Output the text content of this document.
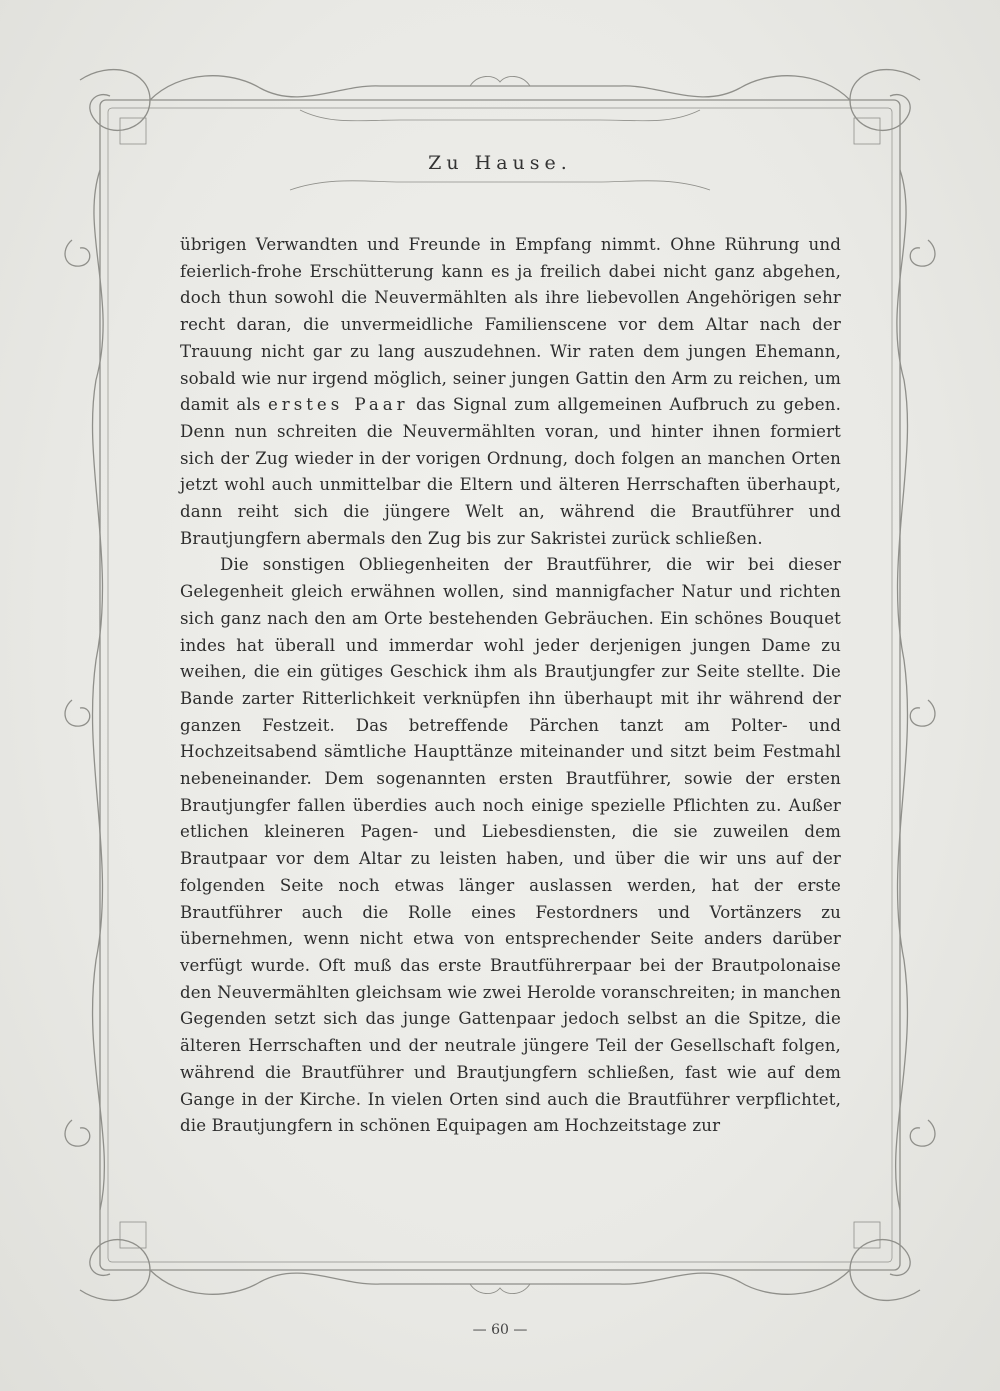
Zu Hause.

übrigen Verwandten und Freunde in Empfang nimmt. Ohne Rührung und feierlich-frohe Erschütterung kann es ja freilich dabei nicht ganz abgehen, doch thun sowohl die Neuvermählten als ihre liebevollen Angehörigen sehr recht daran, die unvermeidliche Familienscene vor dem Altar nach der Trauung nicht gar zu lang auszudehnen. Wir raten dem jungen Ehemann, sobald wie nur irgend möglich, seiner jungen Gattin den Arm zu reichen, um damit als erstes Paar das Signal zum allgemeinen Aufbruch zu geben. Denn nun schreiten die Neuvermählten voran, und hinter ihnen formiert sich der Zug wieder in der vorigen Ordnung, doch folgen an manchen Orten jetzt wohl auch unmittelbar die Eltern und älteren Herrschaften überhaupt, dann reiht sich die jüngere Welt an, während die Brautführer und Brautjungfern abermals den Zug bis zur Sakristei zurück schließen.

Die sonstigen Obliegenheiten der Brautführer, die wir bei dieser Gelegenheit gleich erwähnen wollen, sind mannigfacher Natur und richten sich ganz nach den am Orte bestehenden Gebräuchen. Ein schönes Bouquet indes hat überall und immerdar wohl jeder derjenigen jungen Dame zu weihen, die ein gütiges Geschick ihm als Brautjungfer zur Seite stellte. Die Bande zarter Ritterlichkeit verknüpfen ihn überhaupt mit ihr während der ganzen Festzeit. Das betreffende Pärchen tanzt am Polter- und Hochzeitsabend sämtliche Haupttänze miteinander und sitzt beim Festmahl nebeneinander. Dem sogenannten ersten Brautführer, sowie der ersten Brautjungfer fallen überdies auch noch einige spezielle Pflichten zu. Außer etlichen kleineren Pagen- und Liebesdiensten, die sie zuweilen dem Brautpaar vor dem Altar zu leisten haben, und über die wir uns auf der folgenden Seite noch etwas länger auslassen werden, hat der erste Brautführer auch die Rolle eines Festordners und Vortänzers zu übernehmen, wenn nicht etwa von entsprechender Seite anders darüber verfügt wurde. Oft muß das erste Brautführerpaar bei der Brautpolonaise den Neuvermählten gleichsam wie zwei Herolde voranschreiten; in manchen Gegenden setzt sich das junge Gattenpaar jedoch selbst an die Spitze, die älteren Herrschaften und der neutrale jüngere Teil der Gesellschaft folgen, während die Brautführer und Brautjungfern schließen, fast wie auf dem Gange in der Kirche. In vielen Orten sind auch die Brautführer verpflichtet, die Brautjungfern in schönen Equipagen am Hochzeitstage zur

— 60 —
